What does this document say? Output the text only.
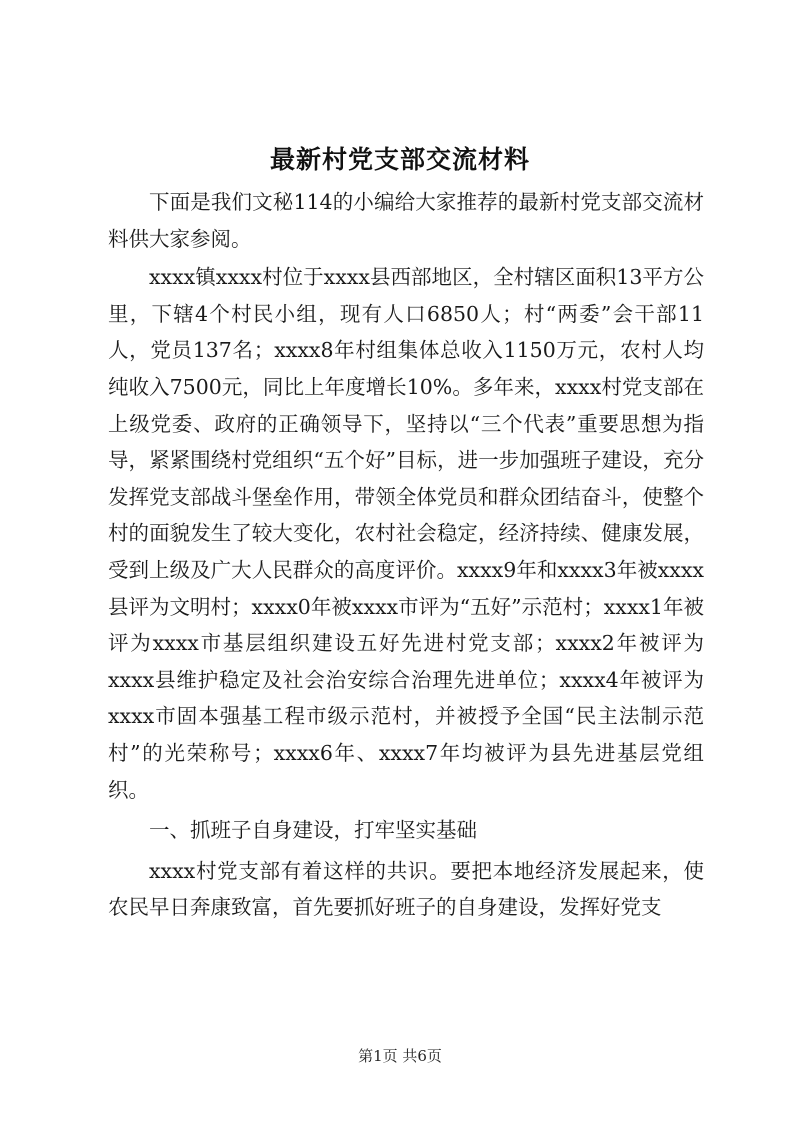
最新村党支部交流材料

下面是我们文秘114的小编给大家推荐的最新村党支部交流材料供大家参阅。

xxxx镇xxxx村位于xxxx县西部地区，全村辖区面积13平方公里，下辖4个村民小组，现有人口6850人；村“两委”会干部11人，党员137名；xxxx8年村组集体总收入1150万元，农村人均纯收入7500元，同比上年度增长10%。多年来，xxxx村党支部在上级党委、政府的正确领导下，坚持以“三个代表”重要思想为指导，紧紧围绕村党组织“五个好”目标，进一步加强班子建设，充分发挥党支部战斗堡垒作用，带领全体党员和群众团结奋斗，使整个村的面貌发生了较大变化，农村社会稳定，经济持续、健康发展，受到上级及广大人民群众的高度评价。xxxx9年和xxxx3年被xxxx县评为文明村；xxxx0年被xxxx市评为“五好”示范村；xxxx1年被评为xxxx市基层组织建设五好先进村党支部；xxxx2年被评为xxxx县维护稳定及社会治安综合治理先进单位；xxxx4年被评为xxxx市固本强基工程市级示范村，并被授予全国“民主法制示范村”的光荣称号；xxxx6年、xxxx7年均被评为县先进基层党组织。

一、抓班子自身建设，打牢坚实基础

xxxx村党支部有着这样的共识。要把本地经济发展起来，使农民早日奔康致富，首先要抓好班子的自身建设，发挥好党支

第1页 共6页
